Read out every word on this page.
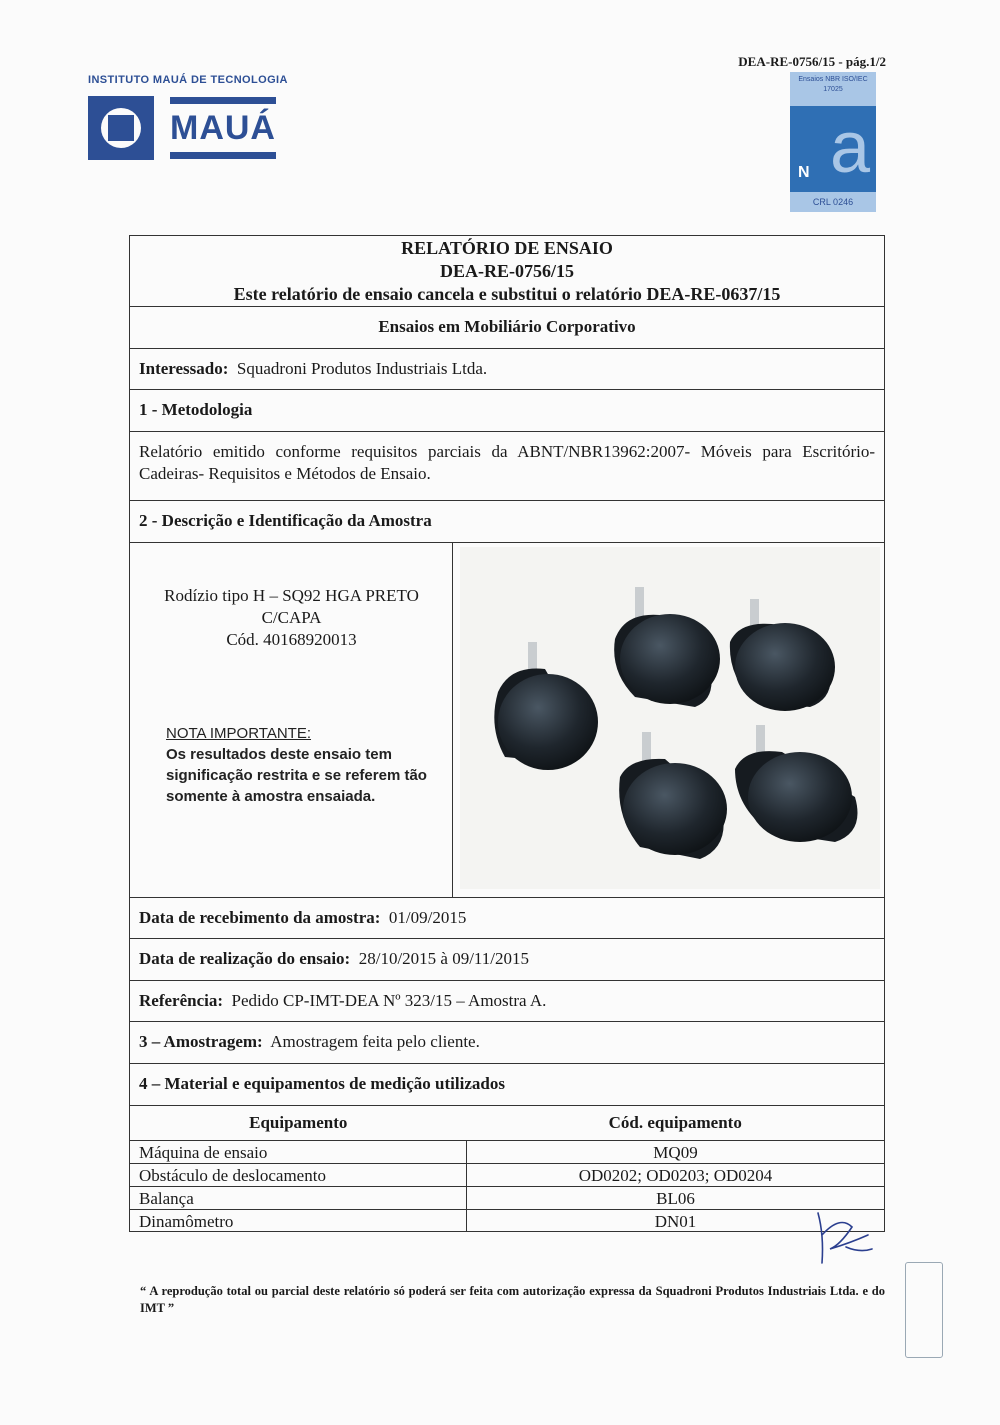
INSTITUTO MAUÁ DE TECNOLOGIA
MAUÁ
DEA-RE-0756/15 - pág.1/2
Ensaios NBR ISO/IEC 17025
a
N
CRL 0246
RELATÓRIO DE ENSAIO
DEA-RE-0756/15
Este relatório de ensaio cancela e substitui o relatório DEA-RE-0637/15
Ensaios em Mobiliário Corporativo
Interessado: Squadroni Produtos Industriais Ltda.
1 - Metodologia
Relatório emitido conforme requisitos parciais da ABNT/NBR13962:2007- Móveis para Escritório- Cadeiras- Requisitos e Métodos de Ensaio.
2 - Descrição e Identificação da Amostra
Rodízio tipo H – SQ92 HGA PRETO
C/CAPA
Cód. 40168920013
NOTA IMPORTANTE:
Os resultados deste ensaio tem significação restrita e se referem tão somente à amostra ensaiada.
Data de recebimento da amostra: 01/09/2015
Data de realização do ensaio: 28/10/2015 à 09/11/2015
Referência: Pedido CP-IMT-DEA Nº 323/15 – Amostra A.
3 – Amostragem: Amostragem feita pelo cliente.
4 – Material e equipamentos de medição utilizados
Equipamento	Cód. equipamento
Máquina de ensaio	MQ09
Obstáculo de deslocamento	OD0202; OD0203; OD0204
Balança	BL06
Dinamômetro	DN01
“ A reprodução total ou parcial deste relatório só poderá ser feita com autorização expressa da Squadroni Produtos Industriais Ltda. e do IMT ”
